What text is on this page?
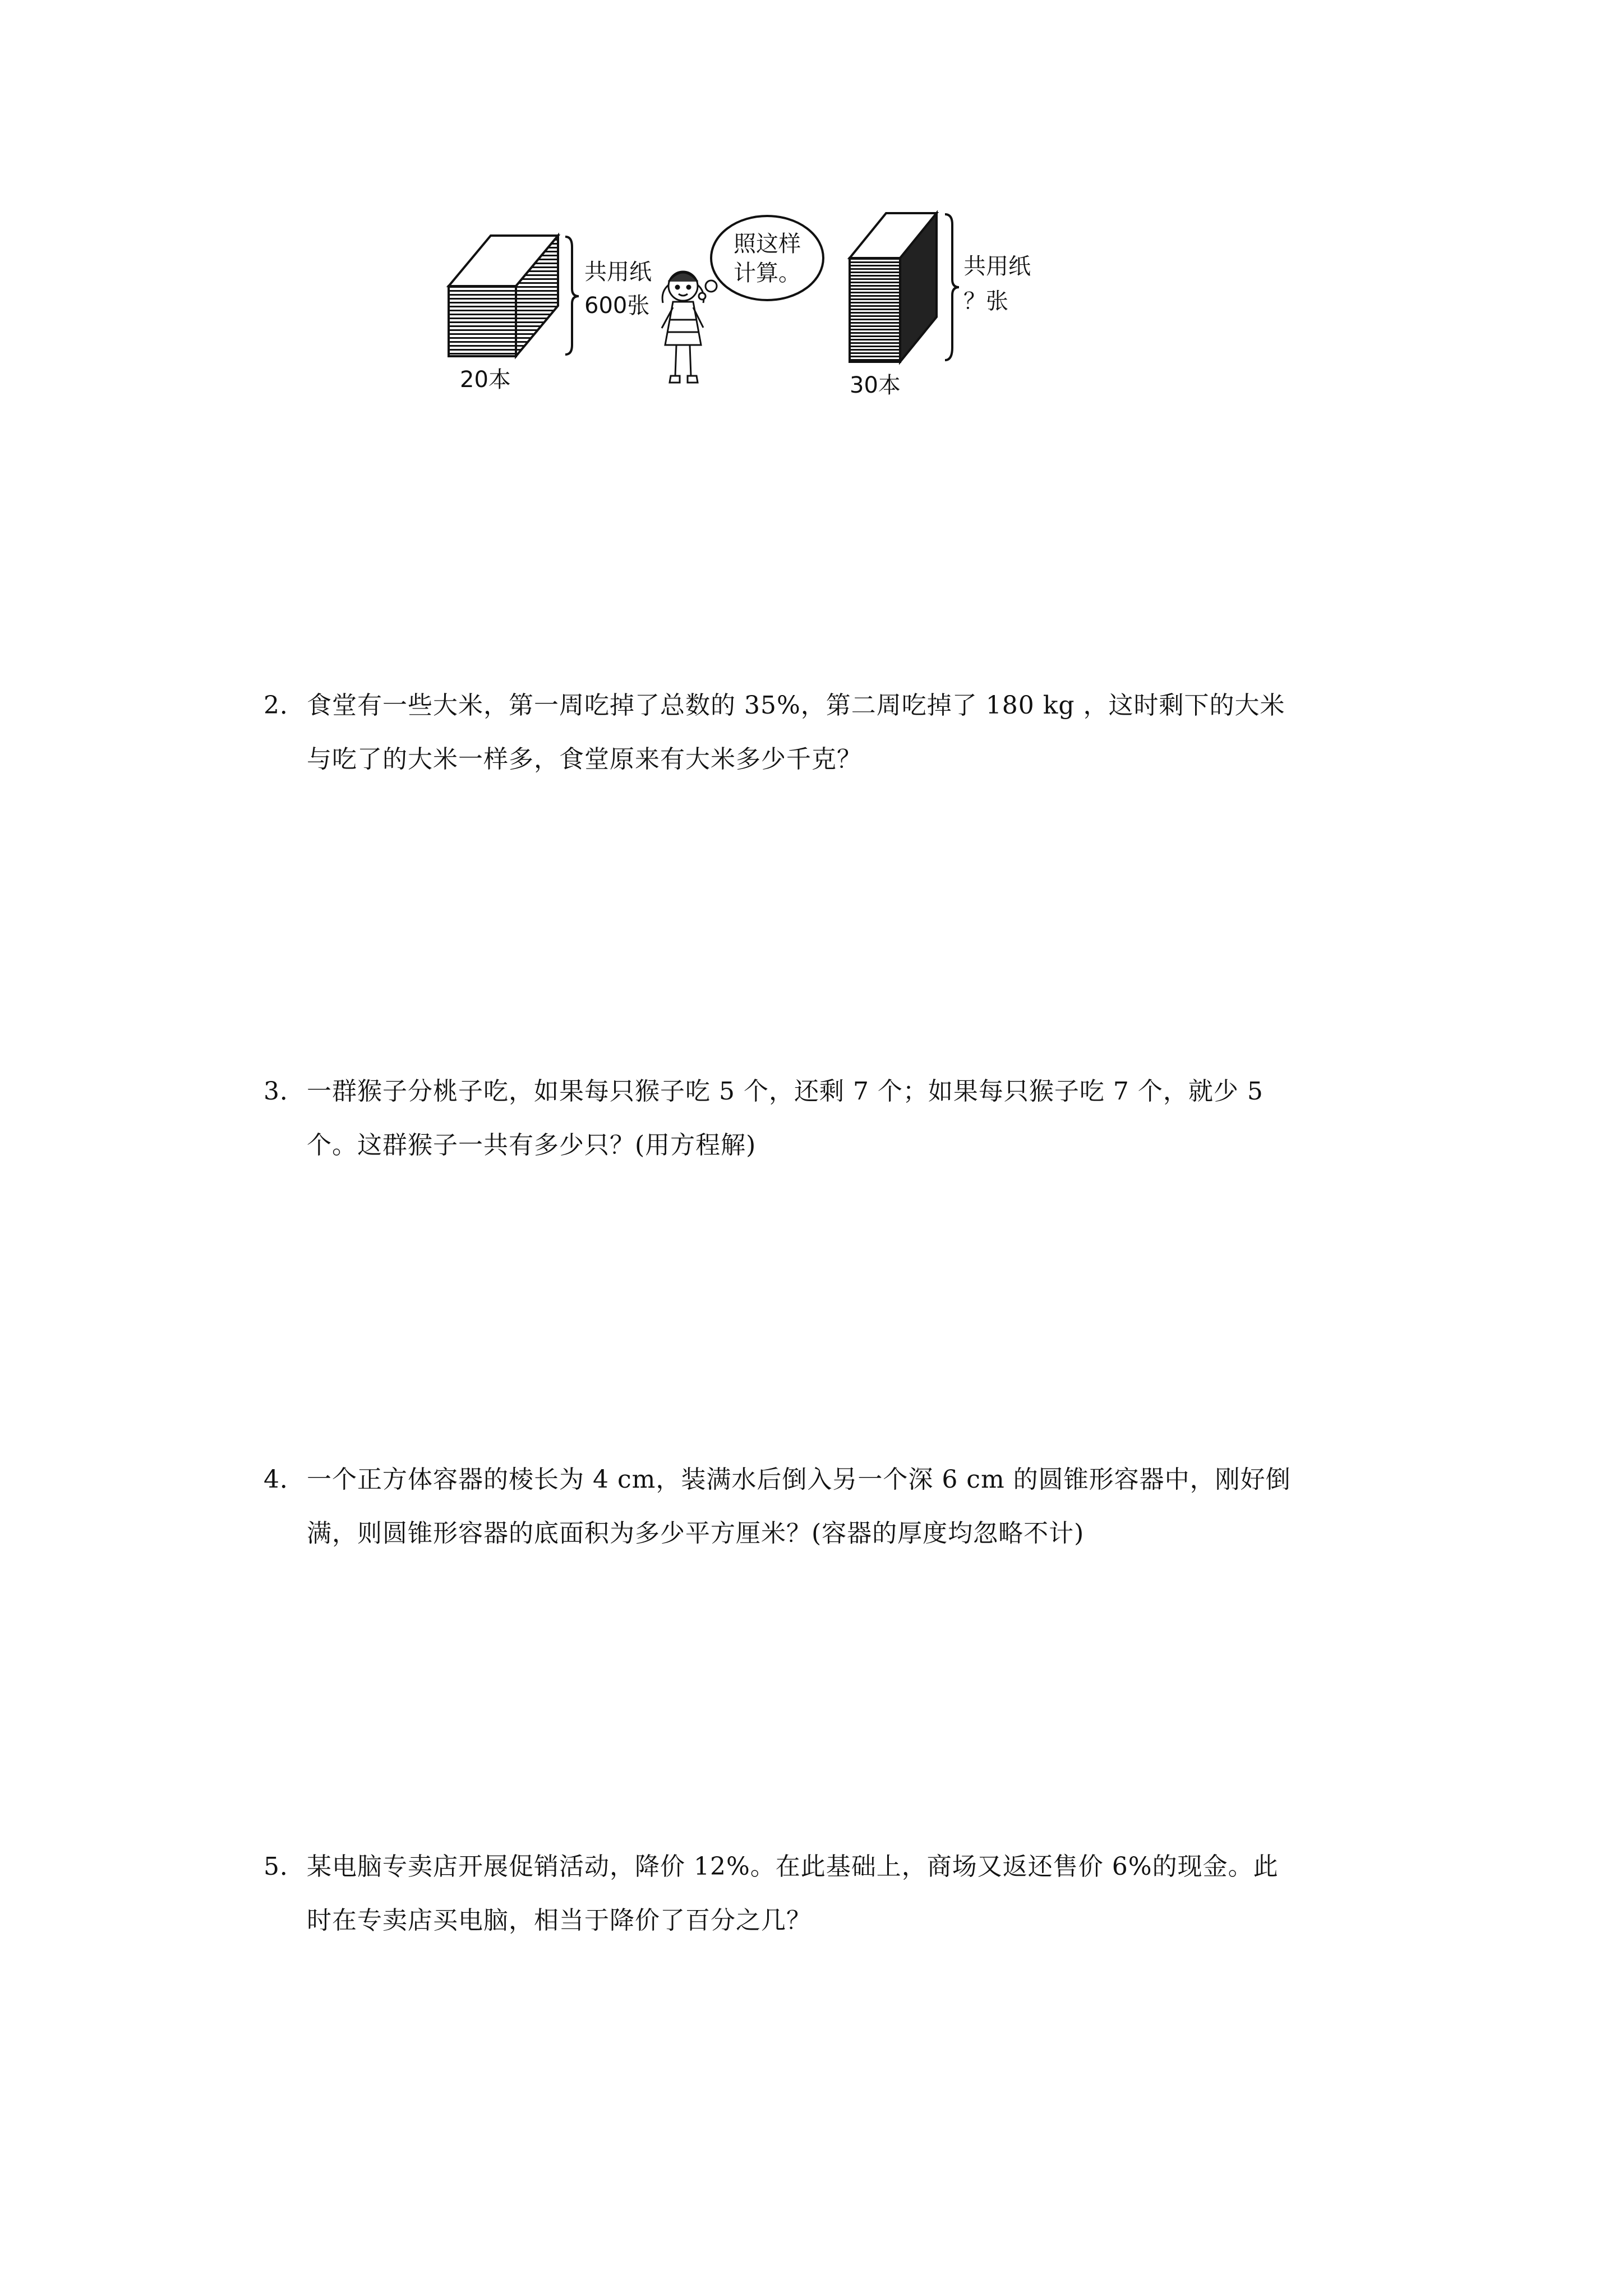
共用纸
600张
20本
照这样
计算。	共用纸
？张
30本
2．食堂有一些大米，第一周吃掉了总数的 35%，第二周吃掉了 180 kg ，这时剩下的大米
与吃了的大米一样多，食堂原来有大米多少千克？
3．一群猴子分桃子吃，如果每只猴子吃 5 个，还剩 7 个；如果每只猴子吃 7 个，就少 5
个。这群猴子一共有多少只？(用方程解)
4．一个正方体容器的棱长为 4 cm，装满水后倒入另一个深 6 cm 的圆锥形容器中，刚好倒
满，则圆锥形容器的底面积为多少平方厘米？(容器的厚度均忽略不计)
5．某电脑专卖店开展促销活动，降价 12%。在此基础上，商场又返还售价 6%的现金。此
时在专卖店买电脑，相当于降价了百分之几？
